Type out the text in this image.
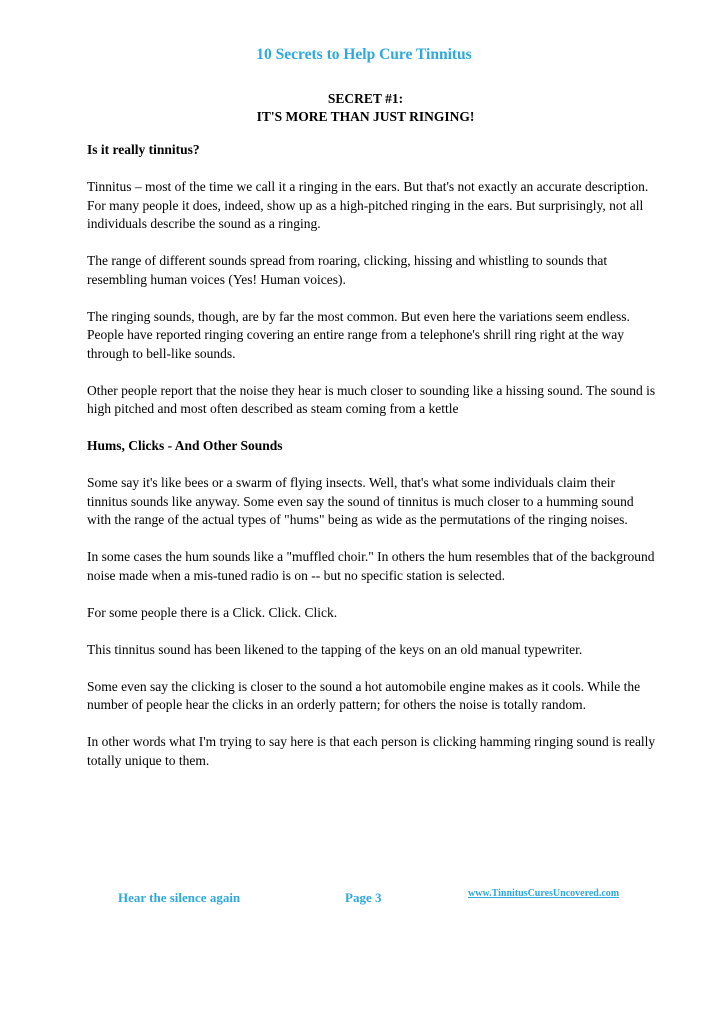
10 Secrets to Help Cure Tinnitus
SECRET #1:
IT'S MORE THAN JUST RINGING!

Is it really tinnitus?

Tinnitus – most of the time we call it a ringing in the ears. But that's not exactly an accurate description. For many people it does, indeed, show up as a high-pitched ringing in the ears. But surprisingly, not all individuals describe the sound as a ringing.

The range of different sounds spread from roaring, clicking, hissing and whistling to sounds that resembling human voices (Yes! Human voices).

The ringing sounds, though, are by far the most common. But even here the variations seem endless. People have reported ringing covering an entire range from a telephone's shrill ring right at the way through to bell-like sounds.

Other people report that the noise they hear is much closer to sounding like a hissing sound. The sound is high pitched and most often described as steam coming from a kettle

Hums, Clicks - And Other Sounds

Some say it's like bees or a swarm of flying insects. Well, that's what some individuals claim their tinnitus sounds like anyway. Some even say the sound of tinnitus is much closer to a humming sound with the range of the actual types of "hums" being as wide as the permutations of the ringing noises.

In some cases the hum sounds like a "muffled choir." In others the hum resembles that of the background noise made when a mis-tuned radio is on -- but no specific station is selected.

For some people there is a Click. Click. Click.

This tinnitus sound has been likened to the tapping of the keys on an old manual typewriter.

Some even say the clicking is closer to the sound a hot automobile engine makes as it cools. While the number of people hear the clicks in an orderly pattern; for others the noise is totally random.

In other words what I'm trying to say here is that each person is clicking hamming ringing sound is really totally unique to them.

Hear the silence again	Page 3	www.TinnitusCuresUncovered.com
